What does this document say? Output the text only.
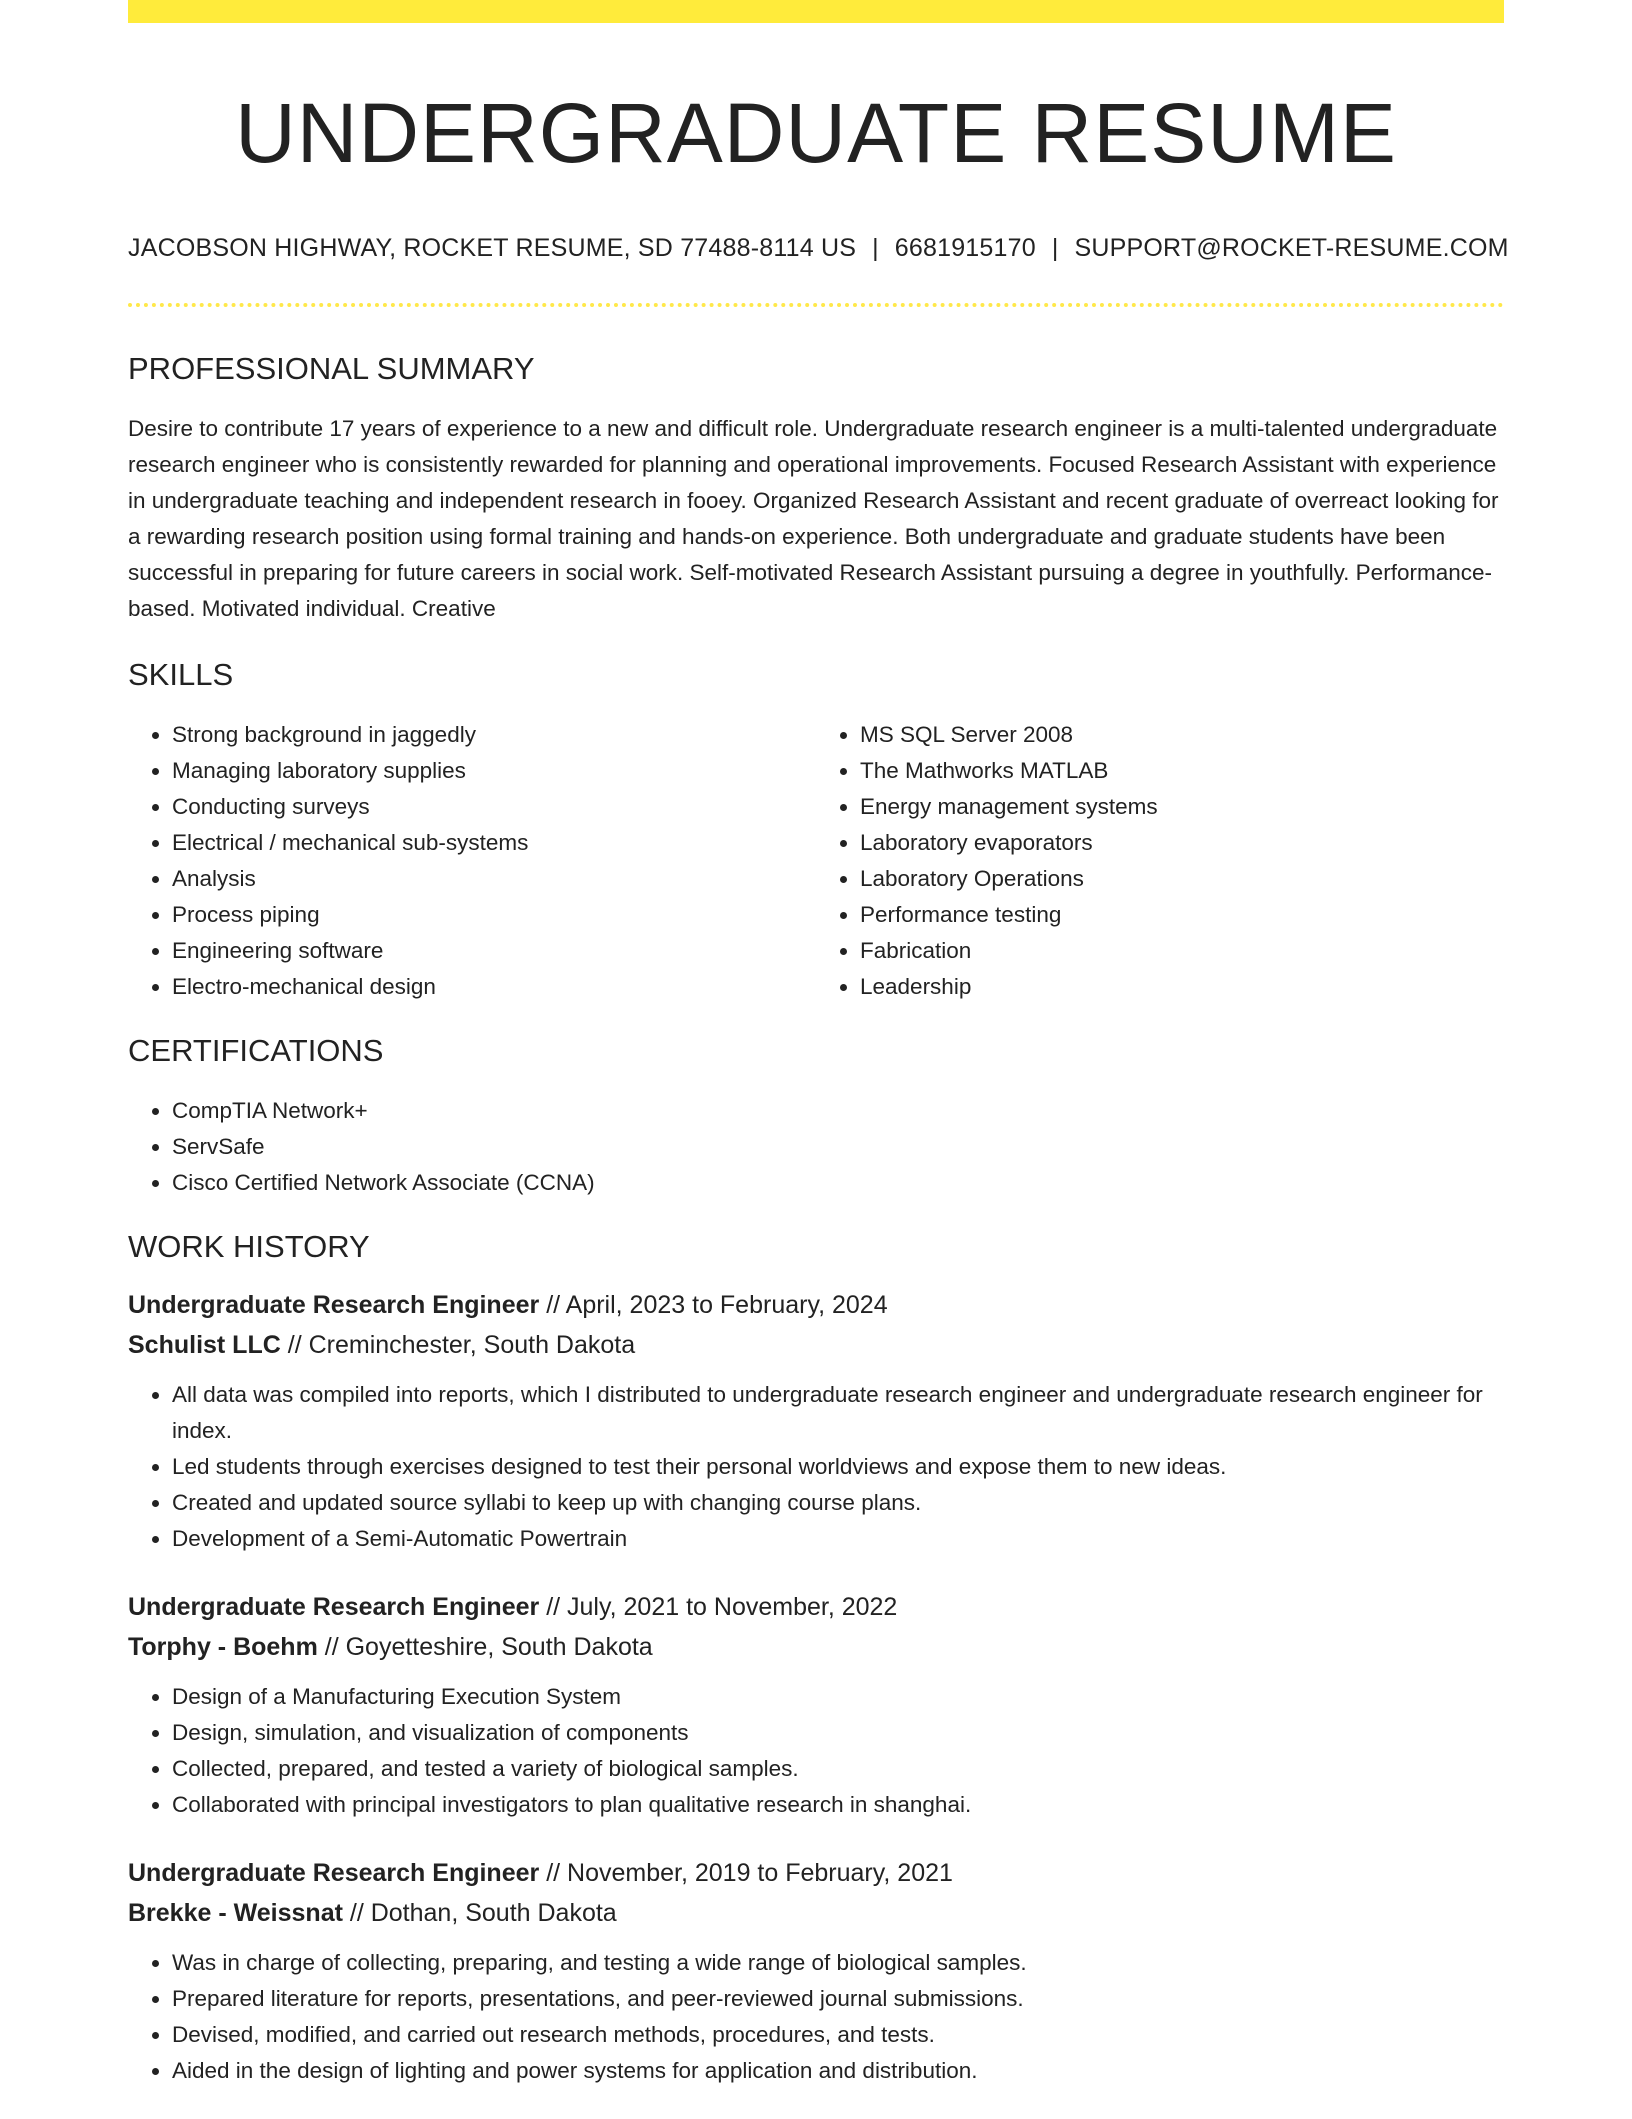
UNDERGRADUATE RESUME
JACOBSON HIGHWAY, ROCKET RESUME, SD 77488-8114 US | 6681915170 | SUPPORT@ROCKET-RESUME.COM
PROFESSIONAL SUMMARY

Desire to contribute 17 years of experience to a new and difficult role. Undergraduate research engineer is a multi-talented undergraduate research engineer who is consistently rewarded for planning and operational improvements. Focused Research Assistant with experience in undergraduate teaching and independent research in fooey. Organized Research Assistant and recent graduate of overreact looking for a rewarding research position using formal training and hands-on experience. Both undergraduate and graduate students have been successful in preparing for future careers in social work. Self-motivated Research Assistant pursuing a degree in youthfully. Performance-based. Motivated individual. Creative

SKILLS
• Strong background in jaggedly
• Managing laboratory supplies
• Conducting surveys
• Electrical / mechanical sub-systems
• Analysis
• Process piping
• Engineering software
• Electro-mechanical design
• MS SQL Server 2008
• The Mathworks MATLAB
• Energy management systems
• Laboratory evaporators
• Laboratory Operations
• Performance testing
• Fabrication
• Leadership
CERTIFICATIONS
• CompTIA Network+
• ServSafe
• Cisco Certified Network Associate (CCNA)
WORK HISTORY
Undergraduate Research Engineer // April, 2023 to February, 2024
Schulist LLC // Creminchester, South Dakota
• All data was compiled into reports, which I distributed to undergraduate research engineer and undergraduate research engineer for index.
• Led students through exercises designed to test their personal worldviews and expose them to new ideas.
• Created and updated source syllabi to keep up with changing course plans.
• Development of a Semi-Automatic Powertrain
Undergraduate Research Engineer // July, 2021 to November, 2022
Torphy - Boehm // Goyetteshire, South Dakota
• Design of a Manufacturing Execution System
• Design, simulation, and visualization of components
• Collected, prepared, and tested a variety of biological samples.
• Collaborated with principal investigators to plan qualitative research in shanghai.
Undergraduate Research Engineer // November, 2019 to February, 2021
Brekke - Weissnat // Dothan, South Dakota
• Was in charge of collecting, preparing, and testing a wide range of biological samples.
• Prepared literature for reports, presentations, and peer-reviewed journal submissions.
• Devised, modified, and carried out research methods, procedures, and tests.
• Aided in the design of lighting and power systems for application and distribution.
